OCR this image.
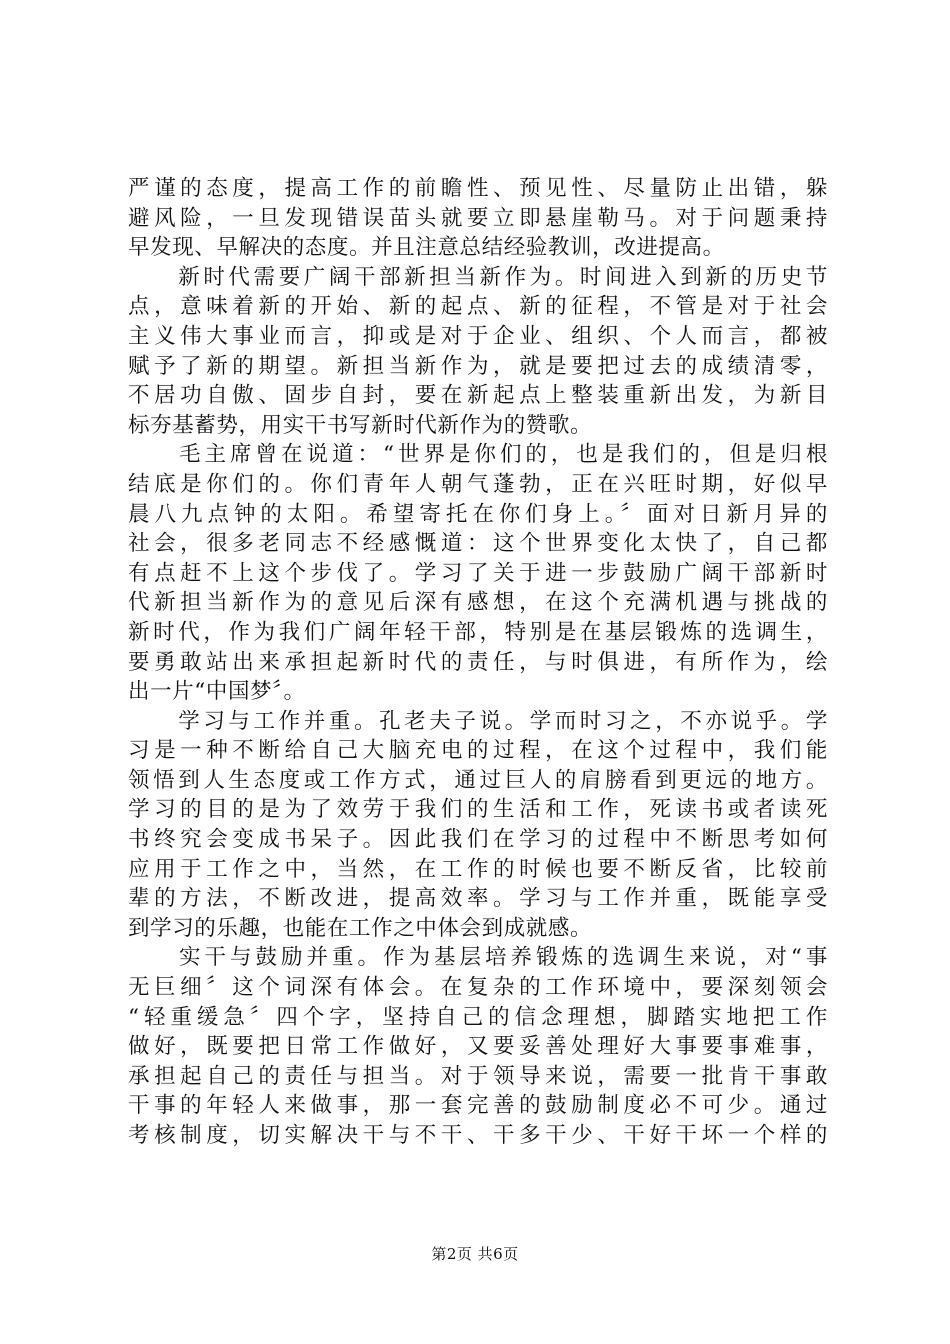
严谨的态度，提高工作的前瞻性、预见性、尽量防止出错，躲
避风险，一旦发现错误苗头就要立即悬崖勒马。对于问题秉持
早发现、早解决的态度。并且注意总结经验教训，改进提高。
　　新时代需要广阔干部新担当新作为。时间进入到新的历史节
点，意味着新的开始、新的起点、新的征程，不管是对于社会
主义伟大事业而言，抑或是对于企业、组织、个人而言，都被
赋予了新的期望。新担当新作为，就是要把过去的成绩清零，
不居功自傲、固步自封，要在新起点上整装重新出发，为新目
标夯基蓄势，用实干书写新时代新作为的赞歌。
　　毛主席曾在说道：“世界是你们的，也是我们的，但是归根
结底是你们的。你们青年人朝气蓬勃，正在兴旺时期，好似早
晨八九点钟的太阳。希望寄托在你们身上。〞面对日新月异的
社会，很多老同志不经感慨道：这个世界变化太快了，自己都
有点赶不上这个步伐了。学习了关于进一步鼓励广阔干部新时
代新担当新作为的意见后深有感想，在这个充满机遇与挑战的
新时代，作为我们广阔年轻干部，特别是在基层锻炼的选调生，
要勇敢站出来承担起新时代的责任，与时俱进，有所作为，绘
出一片“中国梦〞。
　　学习与工作并重。孔老夫子说。学而时习之，不亦说乎。学
习是一种不断给自己大脑充电的过程，在这个过程中，我们能
领悟到人生态度或工作方式，通过巨人的肩膀看到更远的地方。
学习的目的是为了效劳于我们的生活和工作，死读书或者读死
书终究会变成书呆子。因此我们在学习的过程中不断思考如何
应用于工作之中，当然，在工作的时候也要不断反省，比较前
辈的方法，不断改进，提高效率。学习与工作并重，既能享受
到学习的乐趣，也能在工作之中体会到成就感。
　　实干与鼓励并重。作为基层培养锻炼的选调生来说，对“事
无巨细〞这个词深有体会。在复杂的工作环境中，要深刻领会
“轻重缓急〞四个字，坚持自己的信念理想，脚踏实地把工作
做好，既要把日常工作做好，又要妥善处理好大事要事难事，
承担起自己的责任与担当。对于领导来说，需要一批肯干事敢
干事的年轻人来做事，那一套完善的鼓励制度必不可少。通过
考核制度，切实解决干与不干、干多干少、干好干坏一个样的
第2页 共6页
